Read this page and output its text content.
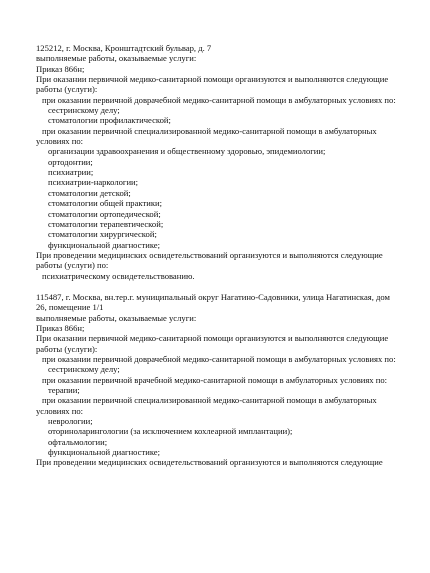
125212, г. Москва, Кронштадтский бульвар, д. 7
выполняемые работы, оказываемые услуги:
Приказ 866н;
При оказании первичной медико-санитарной помощи организуются и выполняются следующие работы (услуги):
при оказании первичной доврачебной медико-санитарной помощи в амбулаторных условиях по:
сестринскому делу;
стоматологии профилактической;
при оказании первичной специализированной медико-санитарной помощи в амбулаторных условиях по:
организации здравоохранения и общественному здоровью, эпидемиологии;
ортодонтии;
психиатрии;
психиатрии-наркологии;
стоматологии детской;
стоматологии общей практики;
стоматологии ортопедической;
стоматологии терапевтической;
стоматологии хирургической;
функциональной диагностике;
При проведении медицинских освидетельствований организуются и выполняются следующие работы (услуги) по:
психиатрическому освидетельствованию.
115487, г. Москва, вн.тер.г. муниципальный округ Нагатино-Садовники, улица Нагатинская, дом 26, помещение 1/1
выполняемые работы, оказываемые услуги:
Приказ 866н;
При оказании первичной медико-санитарной помощи организуются и выполняются следующие работы (услуги):
при оказании первичной доврачебной медико-санитарной помощи в амбулаторных условиях по:
сестринскому делу;
при оказании первичной врачебной медико-санитарной помощи в амбулаторных условиях по:
терапии;
при оказании первичной специализированной медико-санитарной помощи в амбулаторных условиях по:
неврологии;
оториноларингологии (за исключением кохлеарной имплантации);
офтальмологии;
функциональной диагностике;
При проведении медицинских освидетельствований организуются и выполняются следующие
